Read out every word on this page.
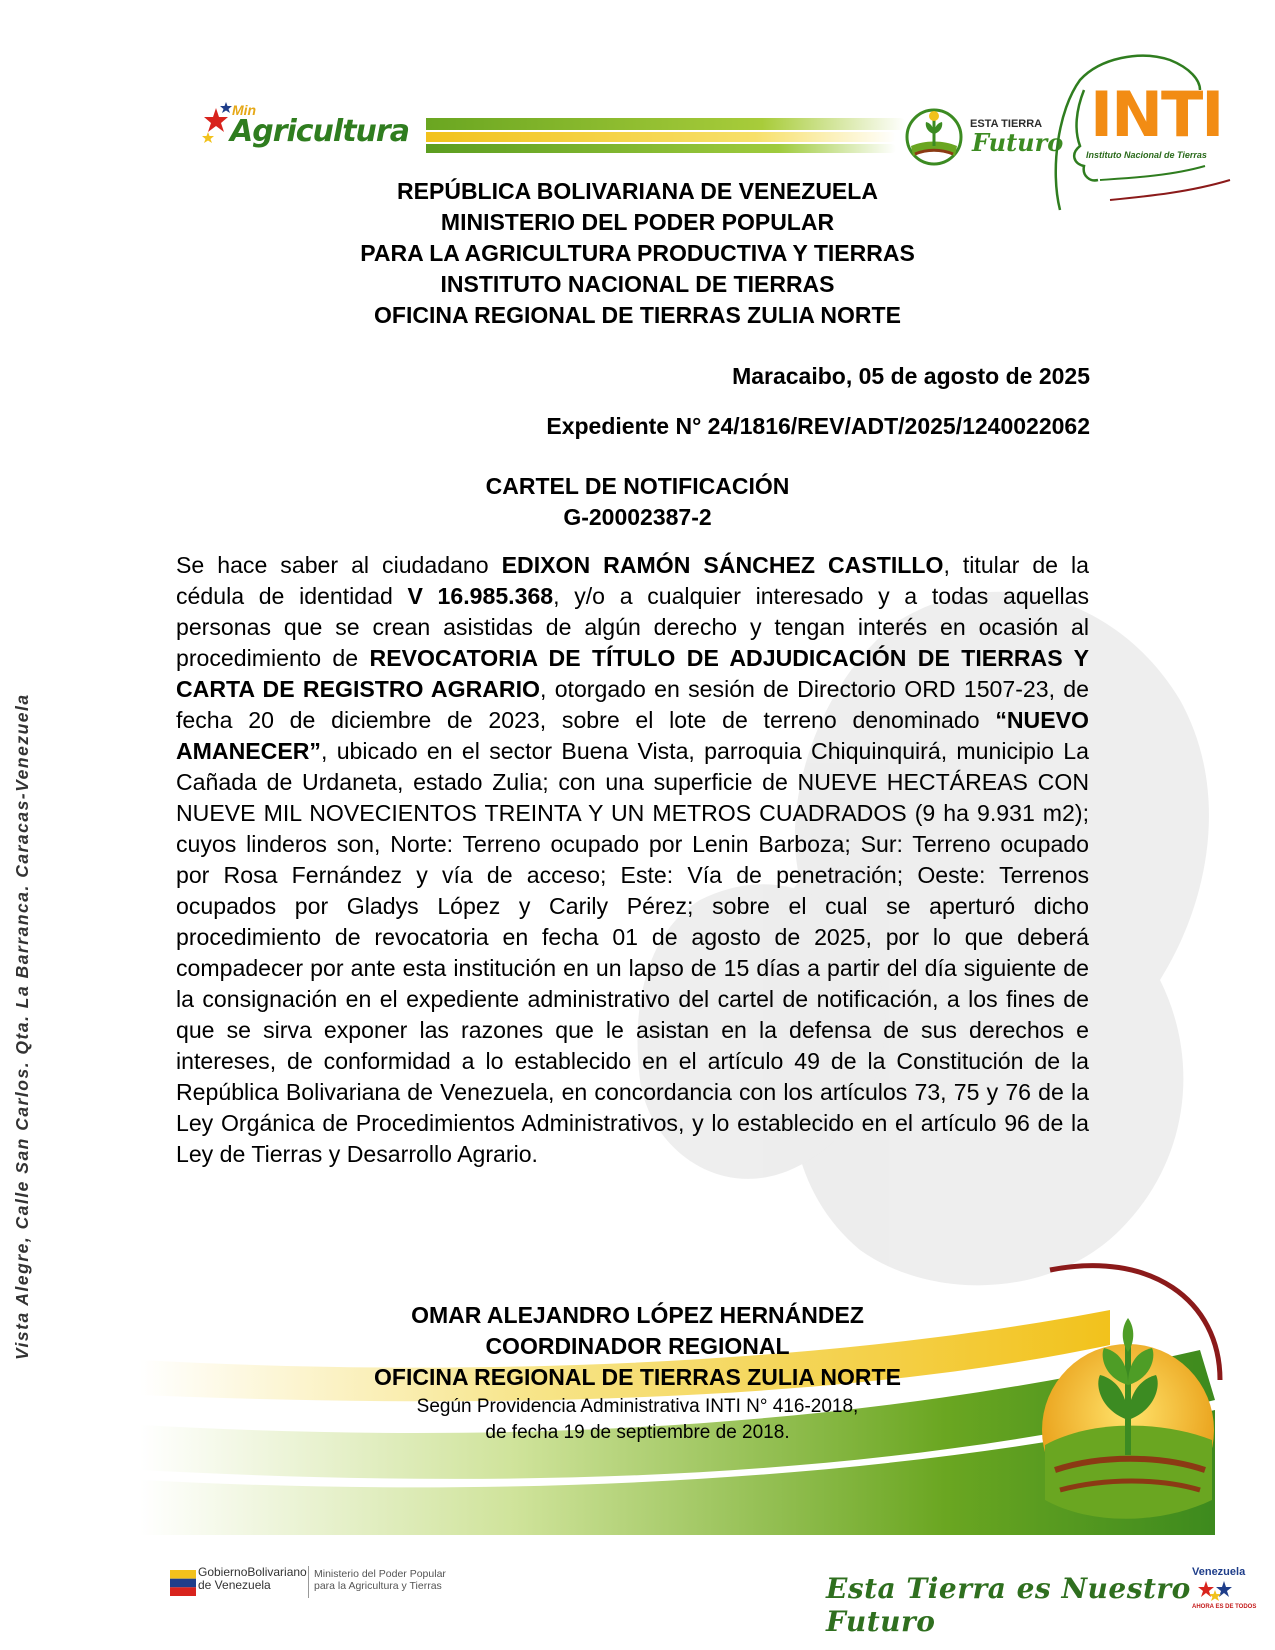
Min
Agricultura	ESTA TIERRA
Futuro INTI
Instituto Nacional de Tierras
REPÚBLICA BOLIVARIANA DE VENEZUELA
MINISTERIO DEL PODER POPULAR
PARA LA AGRICULTURA PRODUCTIVA Y TIERRAS
INSTITUTO NACIONAL DE TIERRAS
OFICINA REGIONAL DE TIERRAS ZULIA NORTE
Maracaibo, 05 de agosto de 2025
Expediente N° 24/1816/REV/ADT/2025/1240022062
CARTEL DE NOTIFICACIÓN
G-20002387-2
Se hace saber al ciudadano EDIXON RAMÓN SÁNCHEZ CASTILLO, titular de la cédula de identidad V 16.985.368, y/o a cualquier interesado y a todas aquellas personas que se crean asistidas de algún derecho y tengan interés en ocasión al procedimiento de REVOCATORIA DE TÍTULO DE ADJUDICACIÓN DE TIERRAS Y CARTA DE REGISTRO AGRARIO, otorgado en sesión de Directorio ORD 1507-23, de fecha 20 de diciembre de 2023, sobre el lote de terreno denominado “NUEVO AMANECER”, ubicado en el sector Buena Vista, parroquia Chiquinquirá, municipio La Cañada de Urdaneta, estado Zulia; con una superficie de NUEVE HECTÁREAS CON NUEVE MIL NOVECIENTOS TREINTA Y UN METROS CUADRADOS (9 ha 9.931 m2); cuyos linderos son, Norte: Terreno ocupado por Lenin Barboza; Sur: Terreno ocupado por Rosa Fernández y vía de acceso; Este: Vía de penetración; Oeste: Terrenos ocupados por Gladys López y Carily Pérez; sobre el cual se aperturó dicho procedimiento de revocatoria en fecha 01 de agosto de 2025, por lo que deberá compadecer por ante esta institución en un lapso de 15 días a partir del día siguiente de la consignación en el expediente administrativo del cartel de notificación, a los fines de que se sirva exponer las razones que le asistan en la defensa de sus derechos e intereses, de conformidad a lo establecido en el artículo 49 de la Constitución de la República Bolivariana de Venezuela, en concordancia con los artículos 73, 75 y 76 de la Ley Orgánica de Procedimientos Administrativos, y lo establecido en el artículo 96 de la Ley de Tierras y Desarrollo Agrario.
OMAR ALEJANDRO LÓPEZ HERNÁNDEZ
COORDINADOR REGIONAL
OFICINA REGIONAL DE TIERRAS ZULIA NORTE
Según Providencia Administrativa INTI N° 416-2018,
de fecha 19 de septiembre de 2018.
Vista Alegre, Calle San Carlos. Qta. La Barranca. Caracas-Venezuela
GobiernoBolivariano
de Venezuela
Ministerio del Poder Popular
para la Agricultura y Tierras	Esta Tierra es Nuestro Futuro
Venezuela
AHORA ES DE TODOS
